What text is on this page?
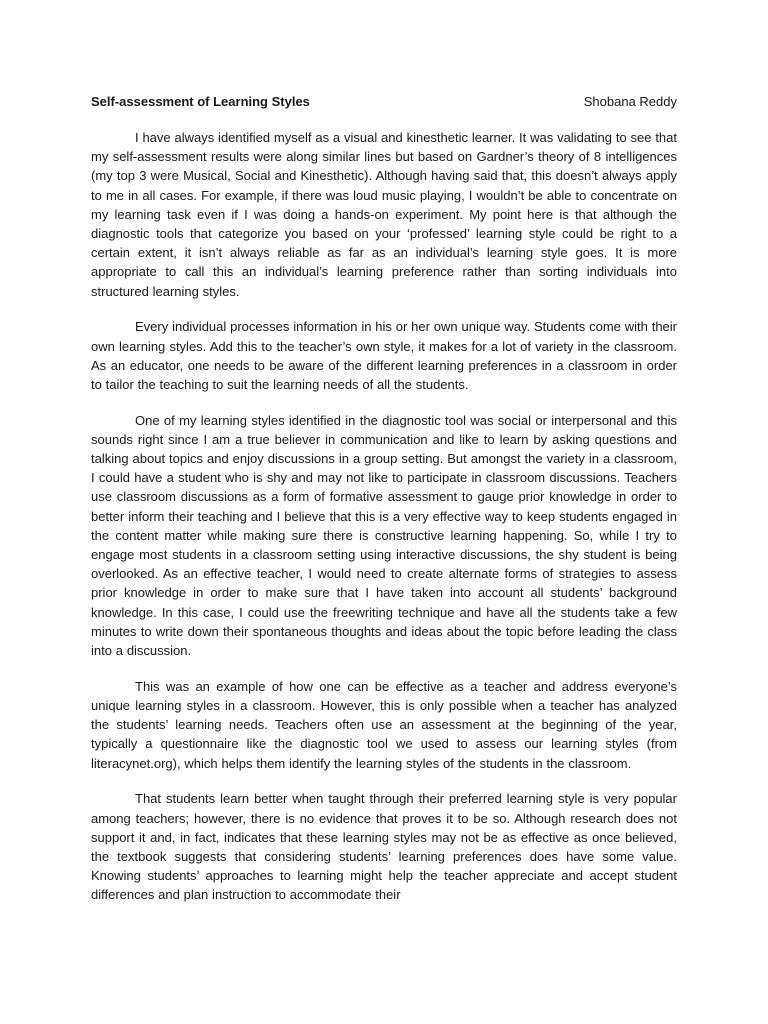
Self-assessment of Learning Styles	Shobana Reddy

I have always identified myself as a visual and kinesthetic learner. It was validating to see that my self-assessment results were along similar lines but based on Gardner’s theory of 8 intelligences (my top 3 were Musical, Social and Kinesthetic). Although having said that, this doesn’t always apply to me in all cases. For example, if there was loud music playing, I wouldn’t be able to concentrate on my learning task even if I was doing a hands-on experiment. My point here is that although the diagnostic tools that categorize you based on your ‘professed’ learning style could be right to a certain extent, it isn’t always reliable as far as an individual’s learning style goes. It is more appropriate to call this an individual’s learning preference rather than sorting individuals into structured learning styles.

Every individual processes information in his or her own unique way. Students come with their own learning styles. Add this to the teacher’s own style, it makes for a lot of variety in the classroom. As an educator, one needs to be aware of the different learning preferences in a classroom in order to tailor the teaching to suit the learning needs of all the students.

One of my learning styles identified in the diagnostic tool was social or interpersonal and this sounds right since I am a true believer in communication and like to learn by asking questions and talking about topics and enjoy discussions in a group setting. But amongst the variety in a classroom, I could have a student who is shy and may not like to participate in classroom discussions. Teachers use classroom discussions as a form of formative assessment to gauge prior knowledge in order to better inform their teaching and I believe that this is a very effective way to keep students engaged in the content matter while making sure there is constructive learning happening. So, while I try to engage most students in a classroom setting using interactive discussions, the shy student is being overlooked. As an effective teacher, I would need to create alternate forms of strategies to assess prior knowledge in order to make sure that I have taken into account all students’ background knowledge. In this case, I could use the freewriting technique and have all the students take a few minutes to write down their spontaneous thoughts and ideas about the topic before leading the class into a discussion.

This was an example of how one can be effective as a teacher and address everyone’s unique learning styles in a classroom. However, this is only possible when a teacher has analyzed the students’ learning needs. Teachers often use an assessment at the beginning of the year, typically a questionnaire like the diagnostic tool we used to assess our learning styles (from literacynet.org), which helps them identify the learning styles of the students in the classroom.

That students learn better when taught through their preferred learning style is very popular among teachers; however, there is no evidence that proves it to be so. Although research does not support it and, in fact, indicates that these learning styles may not be as effective as once believed, the textbook suggests that considering students’ learning preferences does have some value. Knowing students’ approaches to learning might help the teacher appreciate and accept student differences and plan instruction to accommodate their
